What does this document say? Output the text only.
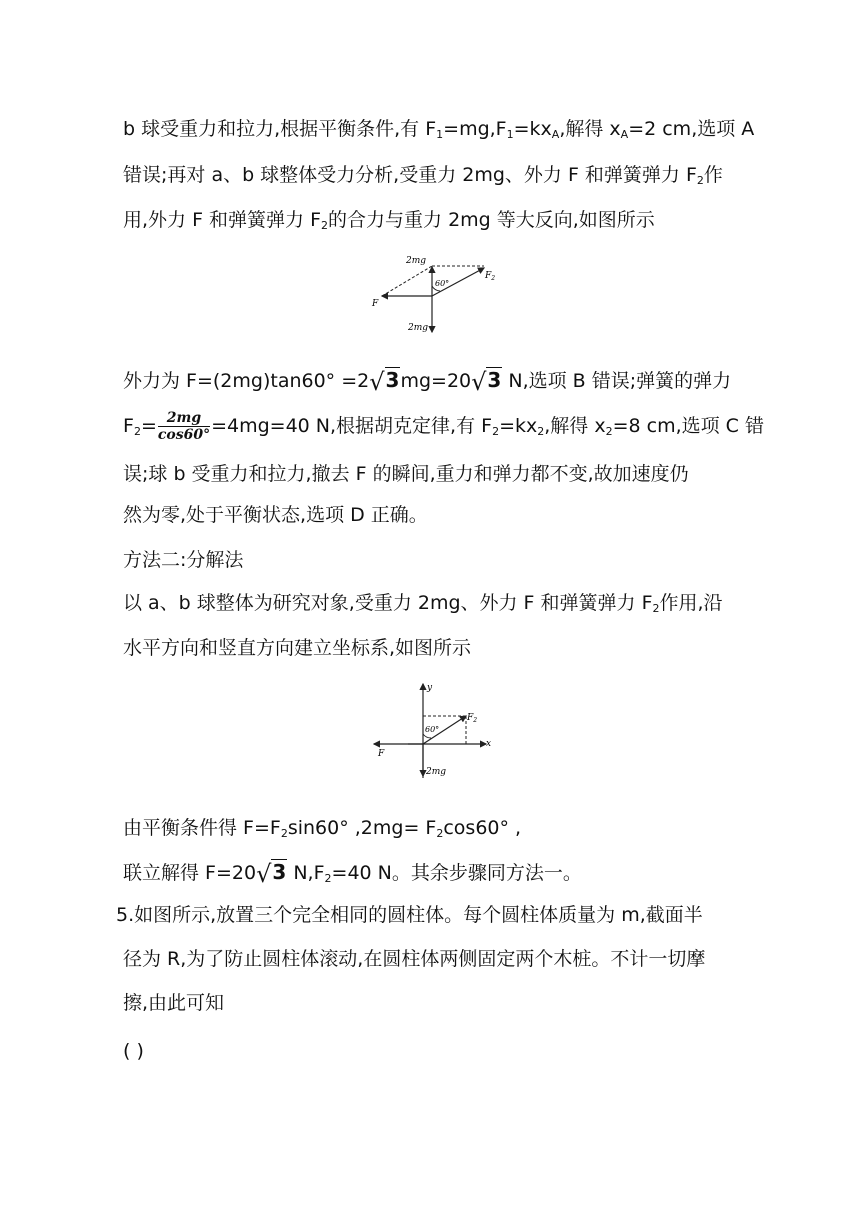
b 球受重力和拉力,根据平衡条件,有 $F_1=mg,F_1=kx_A$,解得 $x_A=2$ cm,选项 A
错误;再对 a、b 球整体受力分析,受重力 2mg、外力 F 和弹簧弹力 $F_2$作
用,外力 F 和弹簧弹力 $F_2$的合力与重力 2mg 等大反向,如图所示
2mg
$F_2$
60°
F
2mg
外力为 F=(2mg)tan60° =2√3mg=20√3 N,选项 B 错误;弹簧的弹力
$F_2= \frac{2mg}{\cos 60^\circ} =4mg=40$ N,根据胡克定律,有 $F_2=kx_2$,解得 $x_2=8$ cm,选项 C 错
误;球 b 受重力和拉力,撤去 F 的瞬间,重力和弹力都不变,故加速度仍
然为零,处于平衡状态,选项 D 正确。
方法二:分解法
以 a、b 球整体为研究对象,受重力 2mg、外力 F 和弹簧弹力 $F_2$作用,沿
水平方向和竖直方向建立坐标系,如图所示
y
x
$F_2$
60°
F
2mg
由平衡条件得 $F=F_2\sin 60^\circ$ $,2mg= F_2\cos 60^\circ$ ,
联立解得 F=20√3 $N,F_2=40$ N。其余步骤同方法一。
5.如图所示,放置三个完全相同的圆柱体。每个圆柱体质量为 m,截面半
径为 R,为了防止圆柱体滚动,在圆柱体两侧固定两个木桩。不计一切摩
擦,由此可知
( )
